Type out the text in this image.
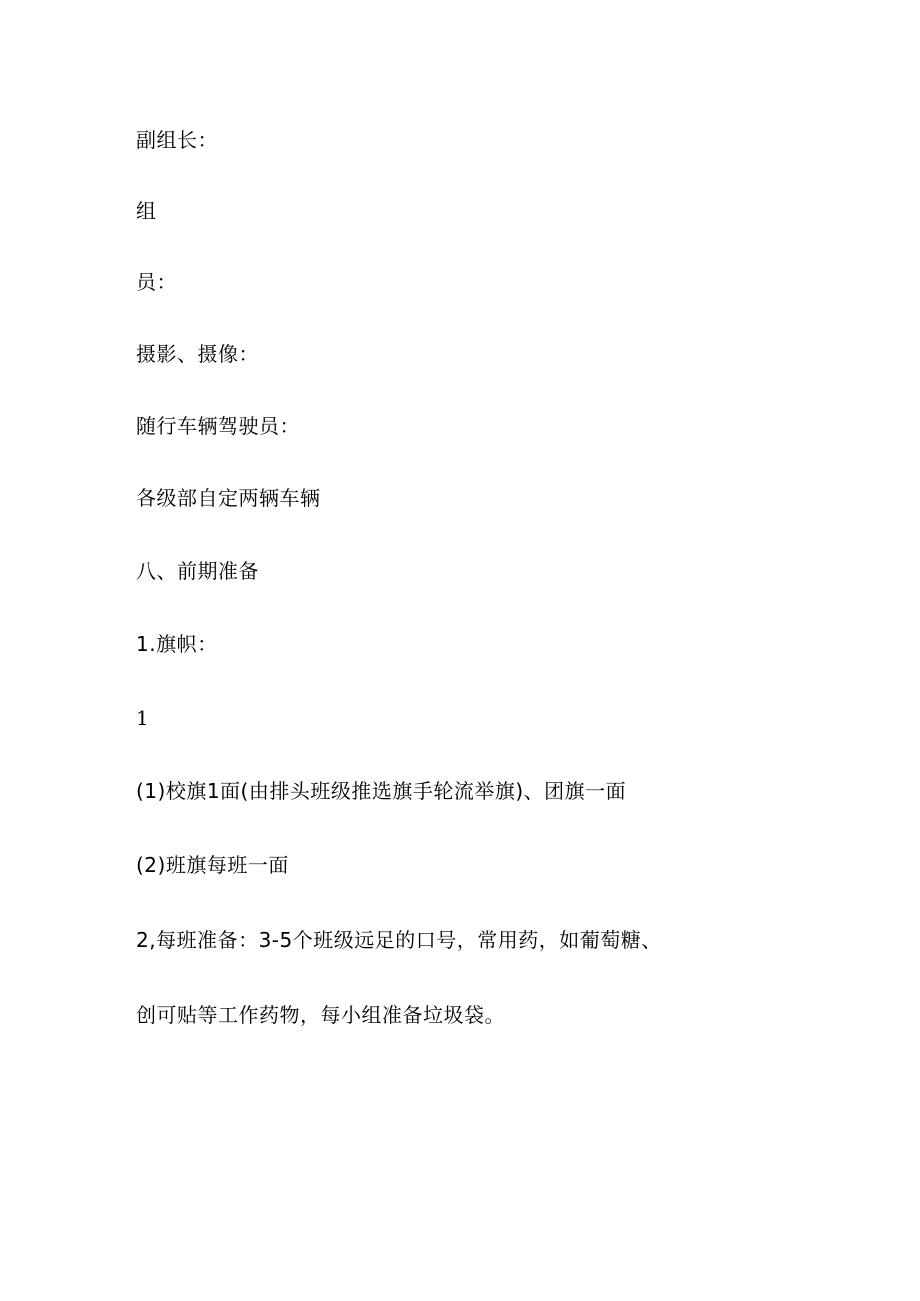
副组长：

组

员：

摄影、摄像：

随行车辆驾驶员：

各级部自定两辆车辆

八、前期准备

1.旗帜：

1

(1)校旗1面(由排头班级推选旗手轮流举旗)、团旗一面

(2)班旗每班一面

2,每班准备：3-5个班级远足的口号，常用药，如葡萄糖、

创可贴等工作药物，每小组准备垃圾袋。
